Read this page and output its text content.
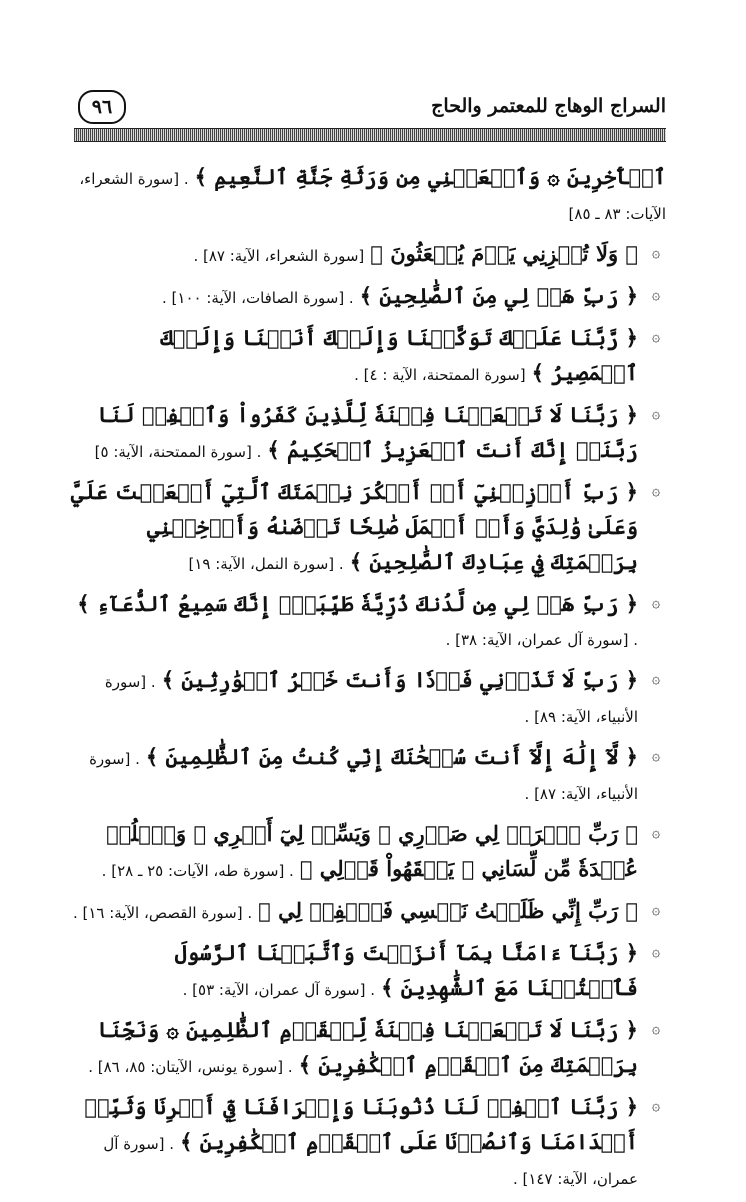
السراج الوهاج للمعتمر والحاج
٩٦
ٱلۡأٓخِرِينَ ۞ وَٱجۡعَلۡنِي مِن وَرَثَةِ جَنَّةِ ٱلنَّعِيمِ ﴾ . [سورة الشعراء، الآيات: ٨٣ ـ ٨٥]
۞
﴿ وَلَا تُخۡزِنِي يَوۡمَ يُبۡعَثُونَ ﴾ [سورة الشعراء، الآية: ٨٧] .
۞
﴿ رَبِّ هَبۡ لِي مِنَ ٱلصَّٰلِحِينَ ﴾ . [سورة الصافات، الآية: ١٠٠] .
۞
﴿ رَّبَّنَا عَلَيۡكَ تَوَكَّلۡنَا وَإِلَيۡكَ أَنَبۡنَا وَإِلَيۡكَ ٱلۡمَصِيرُ ﴾ [سورة الممتحنة، الآية : ٤] .
۞
﴿ رَبَّنَا لَا تَجۡعَلۡنَا فِتۡنَةٗ لِّلَّذِينَ كَفَرُواْ وَٱغۡفِرۡ لَنَا رَبَّنَآۖ إِنَّكَ أَنتَ ٱلۡعَزِيزُ ٱلۡحَكِيمُ ﴾ . [سورة الممتحنة، الآية: ٥]
۞
﴿ رَبِّ أَوۡزِعۡنِيٓ أَنۡ أَشۡكُرَ نِعۡمَتَكَ ٱلَّتِيٓ أَنۡعَمۡتَ عَلَيَّ وَعَلَىٰ وَٰلِدَيَّ وَأَنۡ أَعۡمَلَ صَٰلِحٗا تَرۡضَىٰهُ وَأَدۡخِلۡنِي بِرَحۡمَتِكَ فِي عِبَادِكَ ٱلصَّٰلِحِينَ ﴾ . [سورة النمل، الآية: ١٩]
۞
﴿ رَبِّ هَبۡ لِي مِن لَّدُنكَ ذُرِّيَّةٗ طَيِّبَةًۖ إِنَّكَ سَمِيعُ ٱلدُّعَآءِ ﴾ . [سورة آل عمران، الآية: ٣٨] .
۞
﴿ رَبِّ لَا تَذَرۡنِي فَرۡدٗا وَأَنتَ خَيۡرُ ٱلۡوَٰرِثِينَ ﴾ . [سورة الأنبياء، الآية: ٨٩] .
۞
﴿ لَّآ إِلَٰهَ إِلَّآ أَنتَ سُبۡحَٰنَكَ إِنِّي كُنتُ مِنَ ٱلظَّٰلِمِينَ ﴾ . [سورة الأنبياء، الآية: ٨٧] .
۞
﴿ رَبِّ ٱشۡرَحۡ لِي صَدۡرِي ۞ وَيَسِّرۡ لِيٓ أَمۡرِي ۞ وَٱحۡلُلۡ عُقۡدَةٗ مِّن لِّسَانِي ۞ يَفۡقَهُواْ قَوۡلِي ﴾ . [سورة طه، الآيات: ٢٥ ـ ٢٨] .
۞
﴿ رَبِّ إِنِّي ظَلَمۡتُ نَفۡسِي فَٱغۡفِرۡ لِي ﴾ . [سورة القصص، الآية: ١٦] .
۞
﴿ رَبَّنَآ ءَامَنَّا بِمَآ أَنزَلۡتَ وَٱتَّبَعۡنَا ٱلرَّسُولَ فَٱكۡتُبۡنَا مَعَ ٱلشَّٰهِدِينَ ﴾ . [سورة آل عمران، الآية: ٥٣] .
۞
﴿ رَبَّنَا لَا تَجۡعَلۡنَا فِتۡنَةٗ لِّلۡقَوۡمِ ٱلظَّٰلِمِينَ ۞ وَنَجِّنَا بِرَحۡمَتِكَ مِنَ ٱلۡقَوۡمِ ٱلۡكَٰفِرِينَ ﴾ . [سورة يونس، الآيتان: ٨٥، ٨٦] .
۞
﴿ رَبَّنَا ٱغۡفِرۡ لَنَا ذُنُوبَنَا وَإِسۡرَافَنَا فِيٓ أَمۡرِنَا وَثَبِّتۡ أَقۡدَامَنَا وَٱنصُرۡنَا عَلَى ٱلۡقَوۡمِ ٱلۡكَٰفِرِينَ ﴾ . [سورة آل عمران، الآية: ١٤٧] .
